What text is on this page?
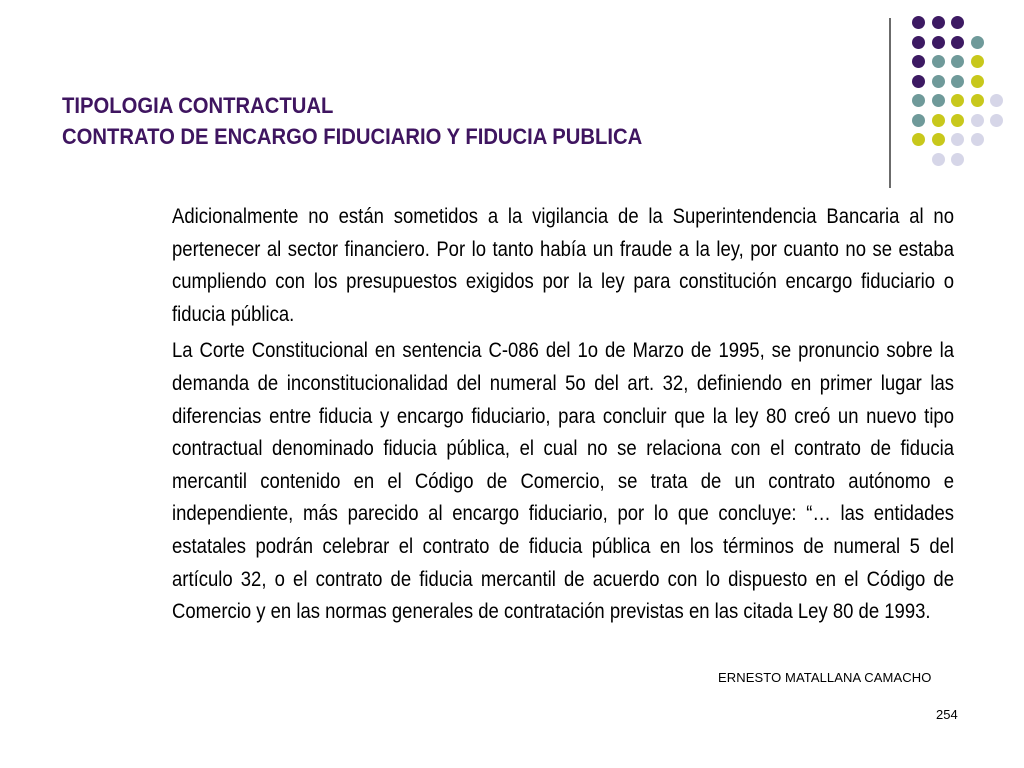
TIPOLOGIA CONTRACTUAL
CONTRATO DE ENCARGO FIDUCIARIO Y FIDUCIA PUBLICA

Adicionalmente no están sometidos a la vigilancia de la Superintendencia Bancaria al no pertenecer al sector financiero. Por lo tanto había un fraude a la ley, por cuanto no se estaba cumpliendo con los presupuestos exigidos por la ley para constitución encargo fiduciario o fiducia pública.

La Corte Constitucional en sentencia C-086 del 1o de Marzo de 1995, se pronuncio sobre la demanda de inconstitucionalidad del numeral 5o del art. 32, definiendo en primer lugar las diferencias entre fiducia y encargo fiduciario, para concluir que la ley 80 creó un nuevo tipo contractual denominado fiducia pública, el cual no se relaciona con el contrato de fiducia mercantil contenido en el Código de Comercio, se trata de un contrato autónomo e independiente, más parecido al encargo fiduciario, por lo que concluye: “… las entidades estatales podrán celebrar el contrato de fiducia pública en los términos de numeral 5 del artículo 32, o el contrato de fiducia mercantil de acuerdo con lo dispuesto en el Código de Comercio y en las normas generales de contratación previstas en las citada Ley 80 de 1993.

ERNESTO MATALLANA CAMACHO
254
